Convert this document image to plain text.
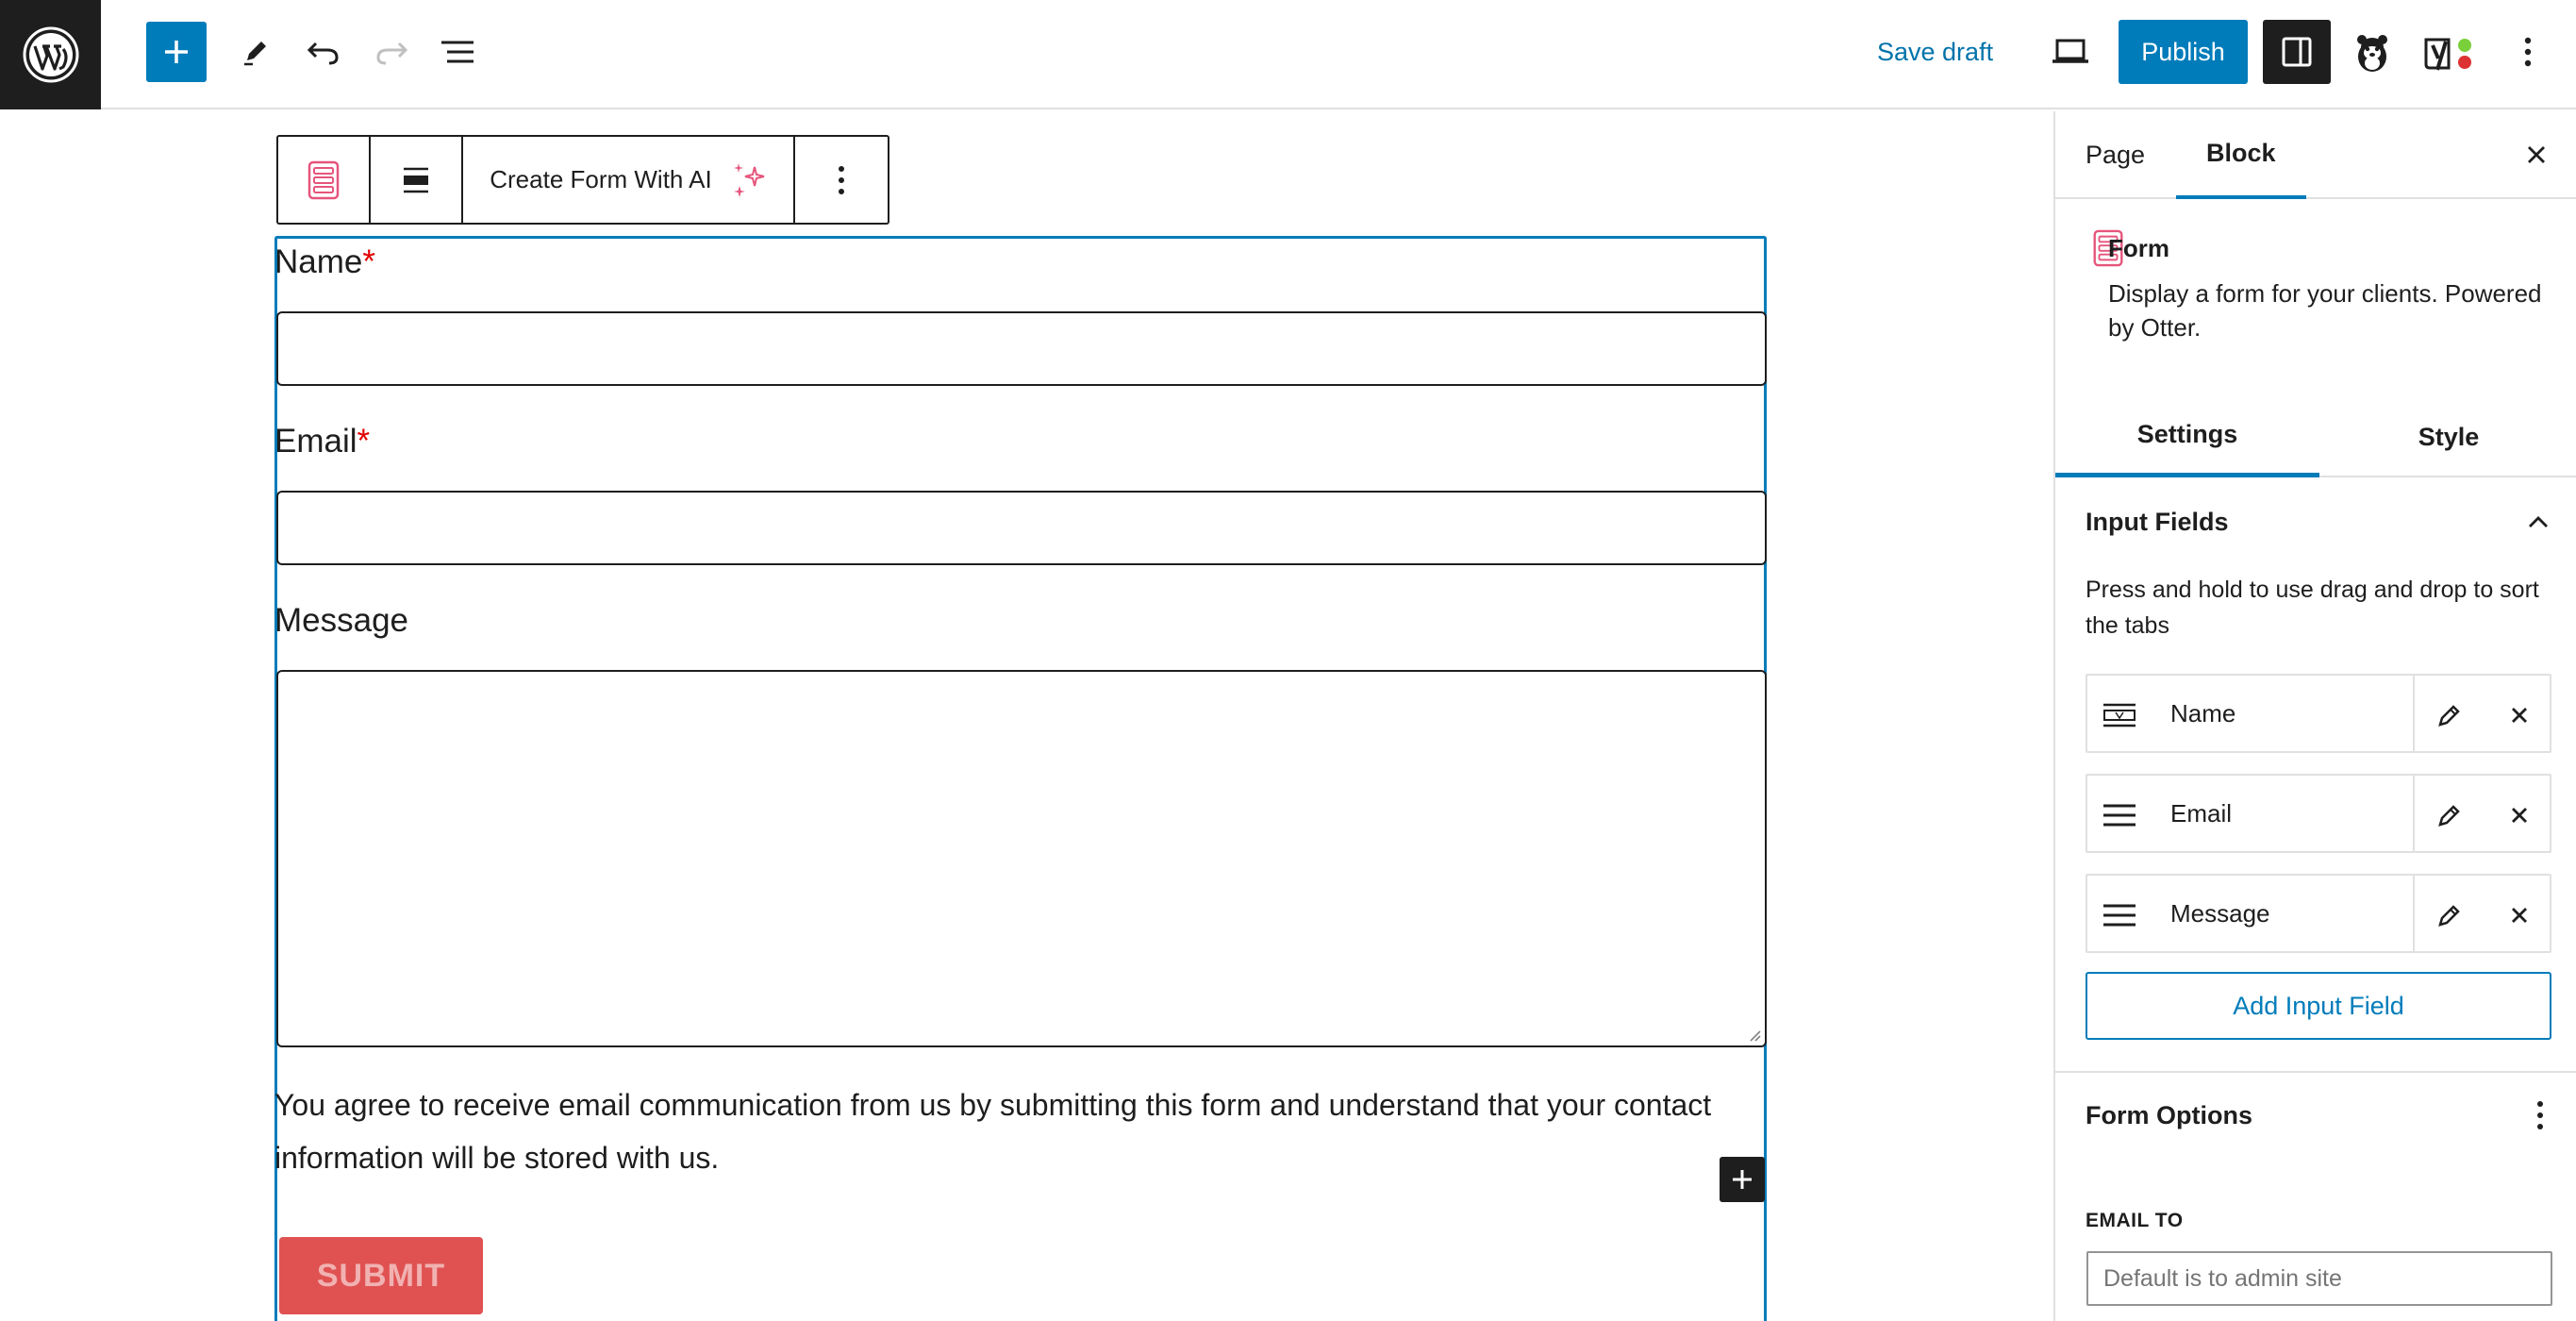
Save draft	Publish
Create Form With AI
Name*
Email*
Message
You agree to receive email communication from us by submitting this form and understand that your contact information will be stored with us.
SUBMIT
Page	Block
Form
Display a form for your clients. Powered by Otter.
Settings	Style
Input Fields
Press and hold to use drag and drop to sort the tabs
Name
Email
Message
Add Input Field
Form Options
EMAIL TO
Default is to admin site
